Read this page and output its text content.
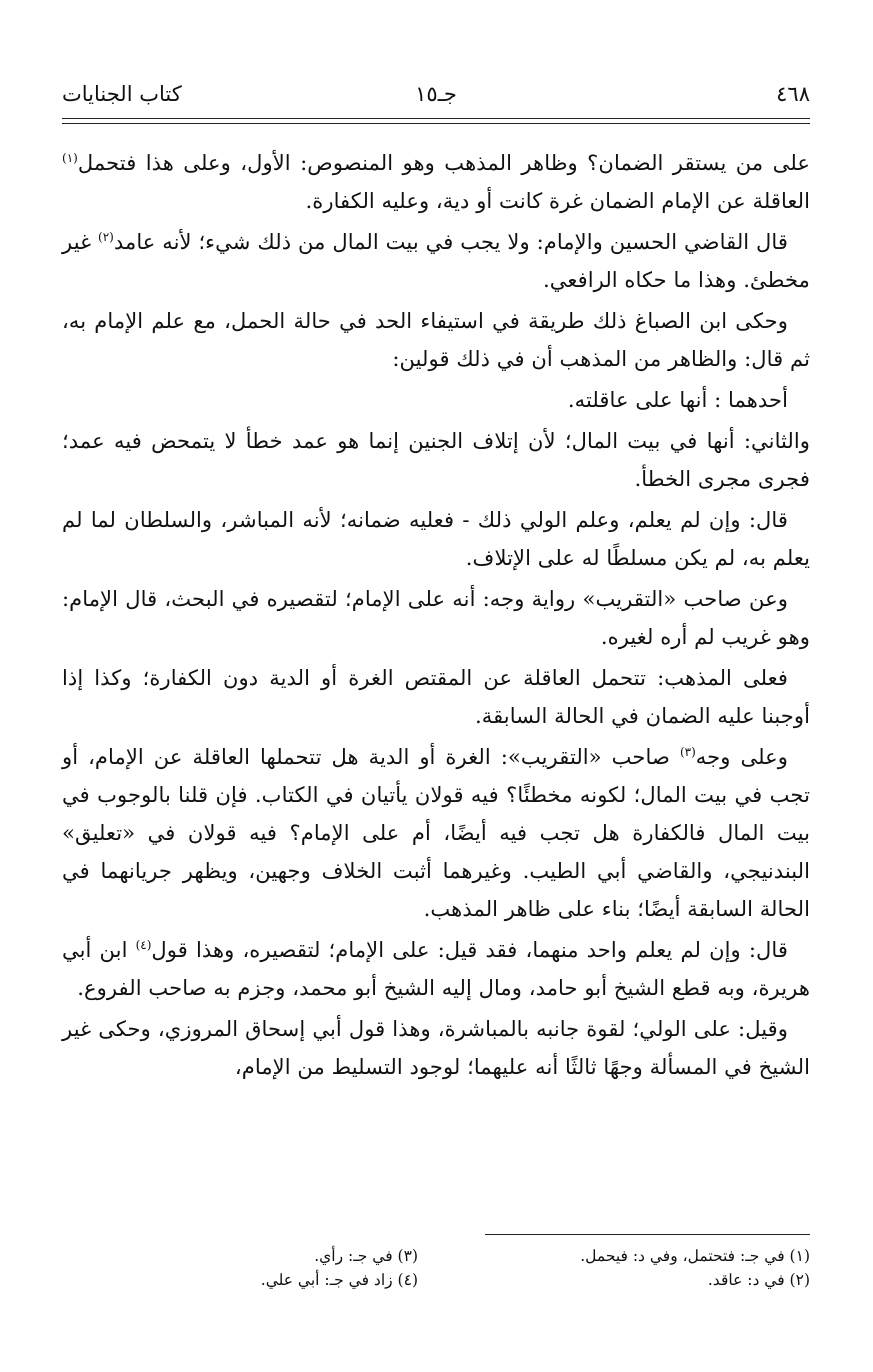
٤٦٨
جـ١٥
كتاب الجنايات

على من يستقر الضمان؟ وظاهر المذهب وهو المنصوص: الأول، وعلى هذا فتحمل$^{(١)}$ العاقلة عن الإمام الضمان غرة كانت أو دية، وعليه الكفارة.

قال القاضي الحسين والإمام: ولا يجب في بيت المال من ذلك شيء؛ لأنه عامد$^{(٢)}$ غير مخطئ. وهذا ما حكاه الرافعي.

وحكى ابن الصباغ ذلك طريقة في استيفاء الحد في حالة الحمل، مع علم الإمام به، ثم قال: والظاهر من المذهب أن في ذلك قولين:

أحدهما : أنها على عاقلته.

والثاني: أنها في بيت المال؛ لأن إتلاف الجنين إنما هو عمد خطأ لا يتمحض فيه عمد؛ فجرى مجرى الخطأ.

قال: وإن لم يعلم، وعلم الولي ذلك - فعليه ضمانه؛ لأنه المباشر، والسلطان لما لم يعلم به، لم يكن مسلطًا له على الإتلاف.

وعن صاحب «التقريب» رواية وجه: أنه على الإمام؛ لتقصيره في البحث، قال الإمام: وهو غريب لم أره لغيره.

فعلى المذهب: تتحمل العاقلة عن المقتص الغرة أو الدية دون الكفارة؛ وكذا إذا أوجبنا عليه الضمان في الحالة السابقة.

وعلى وجه$^{(٣)}$ صاحب «التقريب»: الغرة أو الدية هل تتحملها العاقلة عن الإمام، أو تجب في بيت المال؛ لكونه مخطئًا؟ فيه قولان يأتيان في الكتاب. فإن قلنا بالوجوب في بيت المال فالكفارة هل تجب فيه أيضًا، أم على الإمام؟ فيه قولان في «تعليق» البندنيجي، والقاضي أبي الطيب. وغيرهما أثبت الخلاف وجهين، ويظهر جريانهما في الحالة السابقة أيضًا؛ بناء على ظاهر المذهب.

قال: وإن لم يعلم واحد منهما، فقد قيل: على الإمام؛ لتقصيره، وهذا قول$^{(٤)}$ ابن أبي هريرة، وبه قطع الشيخ أبو حامد، ومال إليه الشيخ أبو محمد، وجزم به صاحب الفروع.

وقيل: على الولي؛ لقوة جانبه بالمباشرة، وهذا قول أبي إسحاق المروزي، وحكى غير الشيخ في المسألة وجهًا ثالثًا أنه عليهما؛ لوجود التسليط من الإمام،

(١) في جـ: فتحتمل، وفي د: فيحمل.
(٢) في د: عاقد.
(٣) في جـ: رأي.
(٤) زاد في جـ: أبي علي.
